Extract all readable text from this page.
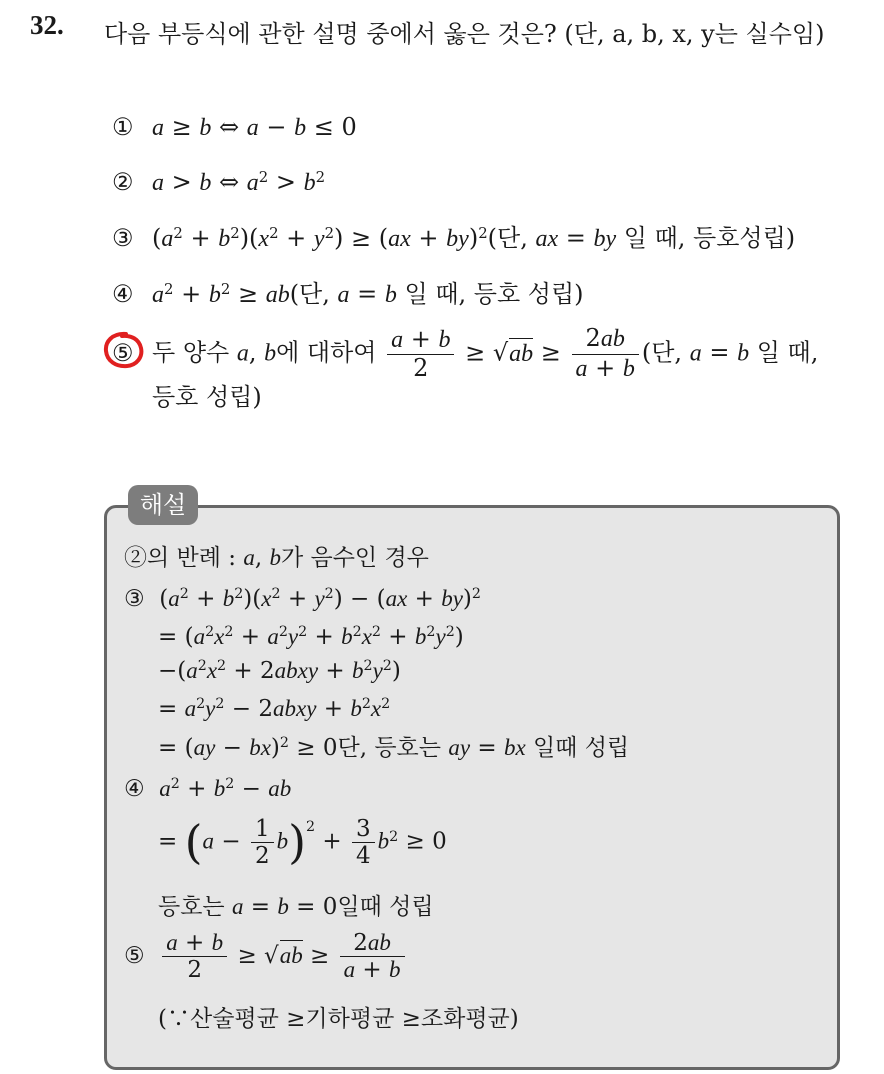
32. 다음 부등식에 관한 설명 중에서 옳은 것은? (단, a, b, x, y는 실수임)
① a ≥ b ⇔ a − b ≤ 0
② a > b ⇔ $a^2 > b^2$
③ $(a^2 + b^2)(x^2 + y^2) \ge (ax + by)^2$(단, ax = by 일 때, 등호성립)
④ $a^2 + b^2 \ge ab$(단, a = b 일 때, 등호 성립)
⑤ 두 양수 a, b에 대하여 $\frac{a + b}{2} \ge √ab \ge \frac{2ab}{a + b}$ (단, a = b 일 때,
등호 성립)
해설
②의 반례 : a, b가 음수인 경우
③  $(a^2 + b^2)(x^2 + y^2) - (ax + by)^2$
= $(a^2x^2 + a^2y^2 + b^2x^2 + b^2y^2)$
$-(a^2x^2$ + 2abxy + $b^2y^2$)
= $a^2y^2$ − 2abxy + $b^2x^2$
= (ay − bx)$^2$ ≥ 0단, 등호는 ay = bx 일때 성립
④  $a^2 + b^2$ − ab
= $(a - \frac{1}{2} b)^2 + \frac{3}{4} b^2 \ge 0$
등호는 a = b = 0일때 성립
⑤ $\frac{a + b}{2} \ge √ab \ge \frac{2ab}{a + b}$
(∵산술평균 ≥기하평균 ≥조화평균)
